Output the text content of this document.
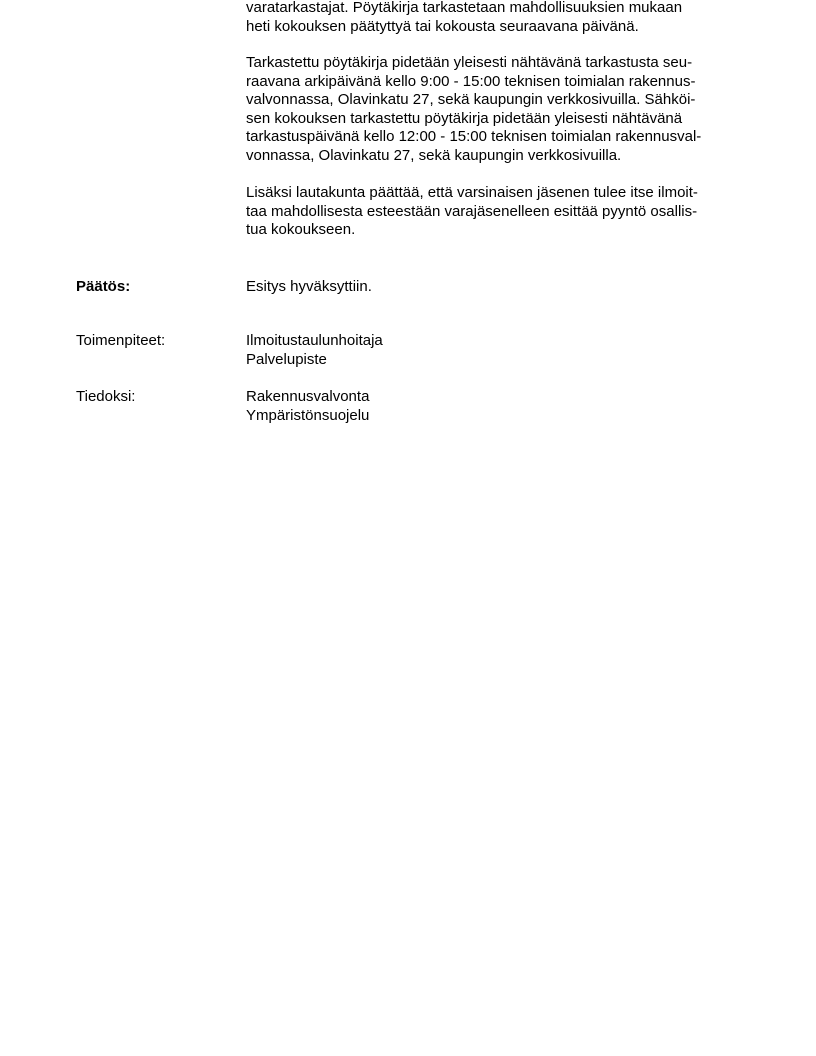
varatarkastajat. Pöytäkirja tarkastetaan mahdollisuuksien mukaan
heti kokouksen päätyttyä tai kokousta seuraavana päivänä.

Tarkastettu pöytäkirja pidetään yleisesti nähtävänä tarkastusta seu-
raavana arkipäivänä kello 9:00 - 15:00 teknisen toimialan rakennus-
valvonnassa, Olavinkatu 27, sekä kaupungin verkkosivuilla. Sähköi-
sen kokouksen tarkastettu pöytäkirja pidetään yleisesti nähtävänä
tarkastuspäivänä kello 12:00 - 15:00 teknisen toimialan rakennusval-
vonnassa, Olavinkatu 27, sekä kaupungin verkkosivuilla.

Lisäksi lautakunta päättää, että varsinaisen jäsenen tulee itse ilmoit-
taa mahdollisesta esteestään varajäsenelleen esittää pyyntö osallis-
tua kokoukseen.

Päätös:	Esitys hyväksyttiin.

Toimenpiteet:	Ilmoitustaulunhoitaja
Palvelupiste

Tiedoksi:	Rakennusvalvonta
Ympäristönsuojelu
